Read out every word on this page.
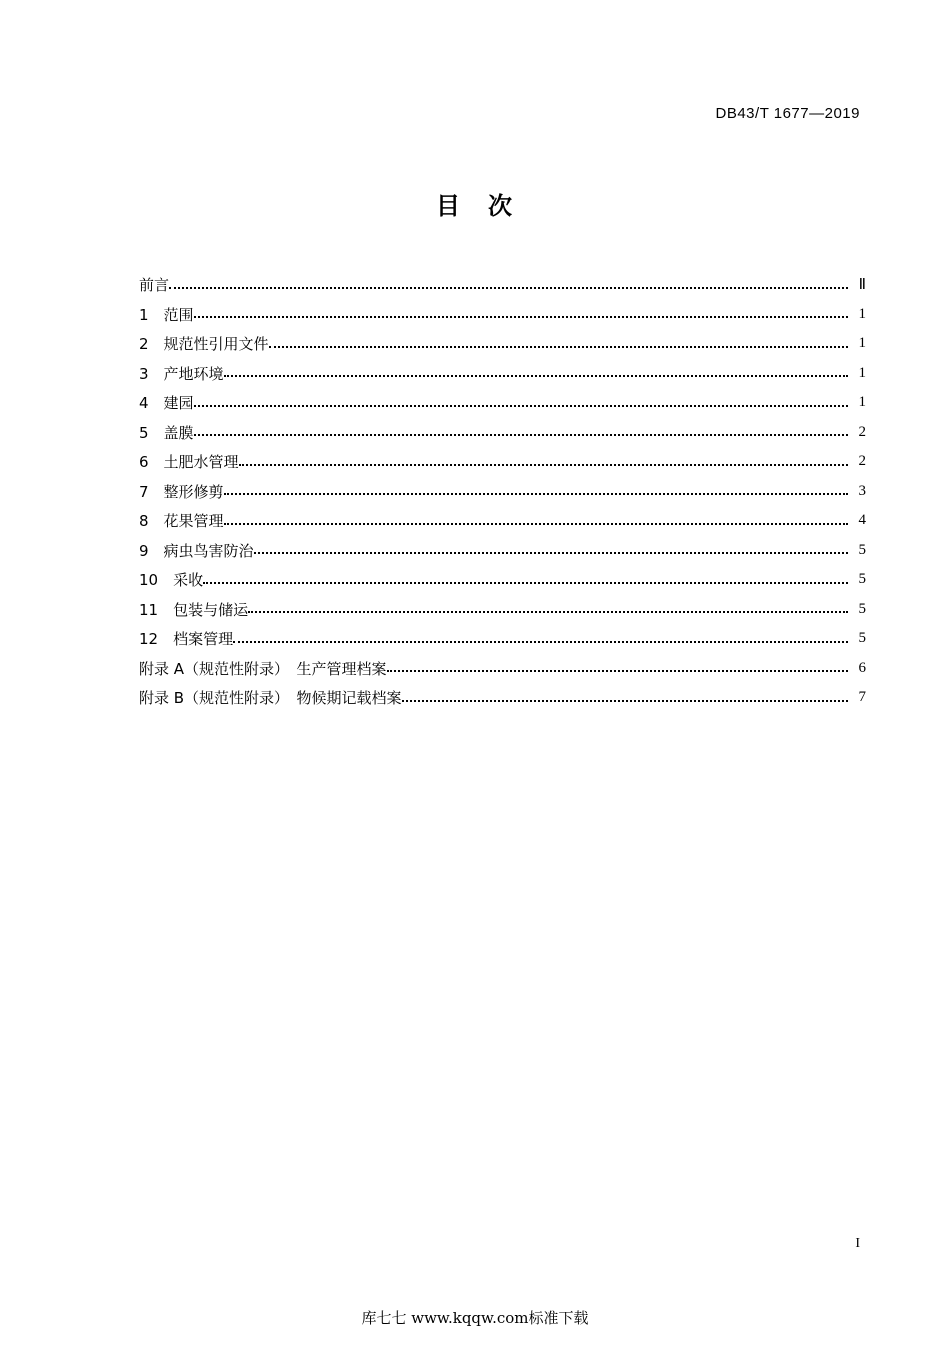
DB43/T 1677—2019
目　次
前言	Ⅱ
1　范围	1
2　规范性引用文件	1
3　产地环境	1
4　建园	1
5　盖膜	2
6　土肥水管理	2
7　整形修剪	3
8　花果管理	4
9　病虫鸟害防治	5
10　采收	5
11　包装与储运	5
12　档案管理	5
附录 A（规范性附录）　生产管理档案	6
附录 B（规范性附录）　物候期记载档案	7
I
库七七 www.kqqw.com标准下载
